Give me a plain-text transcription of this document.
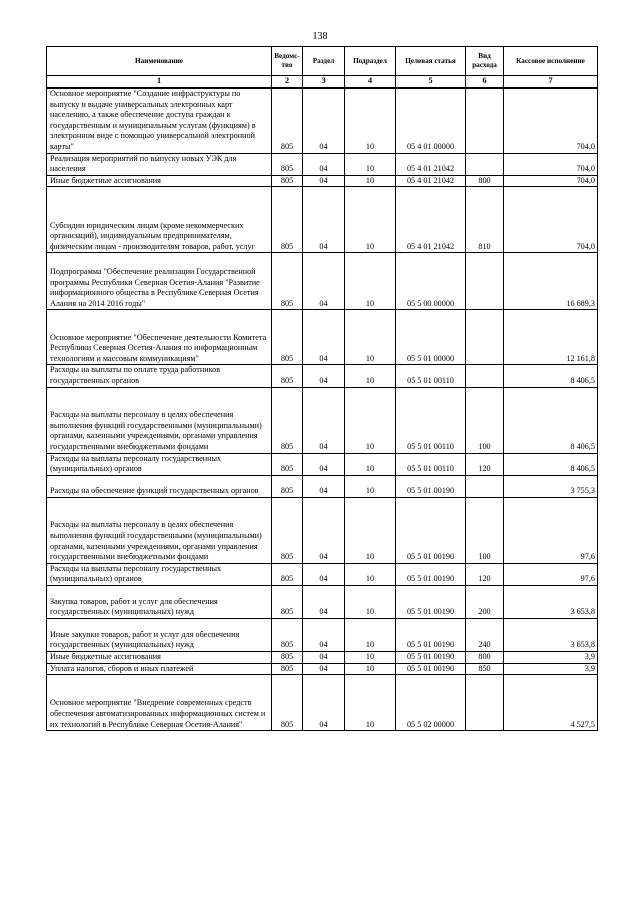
138
Наименование	Ведомс-тво	Раздел	Подраздел	Целевая статья	Вид расхода	Кассовое исполнение
1	2	3	4	5	6	7
Основное мероприятие "Создание инфраструктуры по выпуску и выдаче универсальных электронных карт населению, а также обеспечение доступа граждан к государственным и муниципальным услугам (функциям) в электронном виде с помощью универсальной электронной карты"	805	04	10	05 4 01 00000		704,0
Реализация мероприятий по выпуску новых УЭК для населения	805	04	10	05 4 01 21042		704,0
Иные бюджетные ассигнования	805	04	10	05 4 01 21042	800	704,0
Субсидии юридическим лицам (кроме некоммерческих организаций), индивидуальным предпринимателям, физическим лицам - производителям товаров, работ, услуг	805	04	10	05 4 01 21042	810	704,0
Подпрограмма "Обеспечение реализации Государственной программы Республики Северная Осетия-Алания "Развитие информационного общества в Республике Северная Осетия Алания на 2014 2016 годы"	805	04	10	05 5 00 00000		16 689,3
Основное мероприятие "Обеспечение деятельности Комитета Республики Северная Осетия-Алания по информационным технологиям и массовым коммуникациям"	805	04	10	05 5 01 00000		12 161,8
Расходы на выплаты по оплате труда работников государственных органов	805	04	10	05 5 01 00110		8 406,5
Расходы на выплаты персоналу в целях обеспечения выполнения функций государственными (муниципальными) органами, казенными учреждениями, органами управления государственными внебюджетными фондами	805	04	10	05 5 01 00110	100	8 406,5
Расходы на выплаты персоналу государственных (муниципальных) органов	805	04	10	05 5 01 00110	120	8 406,5
Расходы на обеспечение функций государственных органов	805	04	10	05 5 01 00190		3 755,3
Расходы на выплаты персоналу в целях обеспечения выполнения функций государственными (муниципальными) органами, казенными учреждениями, органами управления государственными внебюджетными фондами	805	04	10	05 5 01 00190	100	97,6
Расходы на выплаты персоналу государственных (муниципальных) органов	805	04	10	05 5 01 00190	120	97,6
Закупка товаров, работ и услуг для обеспечения государственных (муниципальных) нужд	805	04	10	05 5 01 00190	200	3 653,8
Иные закупки товаров, работ и услуг для обеспечения государственных (муниципальных) нужд	805	04	10	05 5 01 00190	240	3 653,8
Иные бюджетные ассигнования	805	04	10	05 5 01 00190	800	3,9
Уплата налогов, сборов и иных платежей	805	04	10	05 5 01 00190	850	3,9
Основное мероприятие "Внедрение современных средств обеспечения автоматизированных информационных систем и их технологий в Республике Северная Осетия-Алания"	805	04	10	05 5 02 00000		4 527,5
